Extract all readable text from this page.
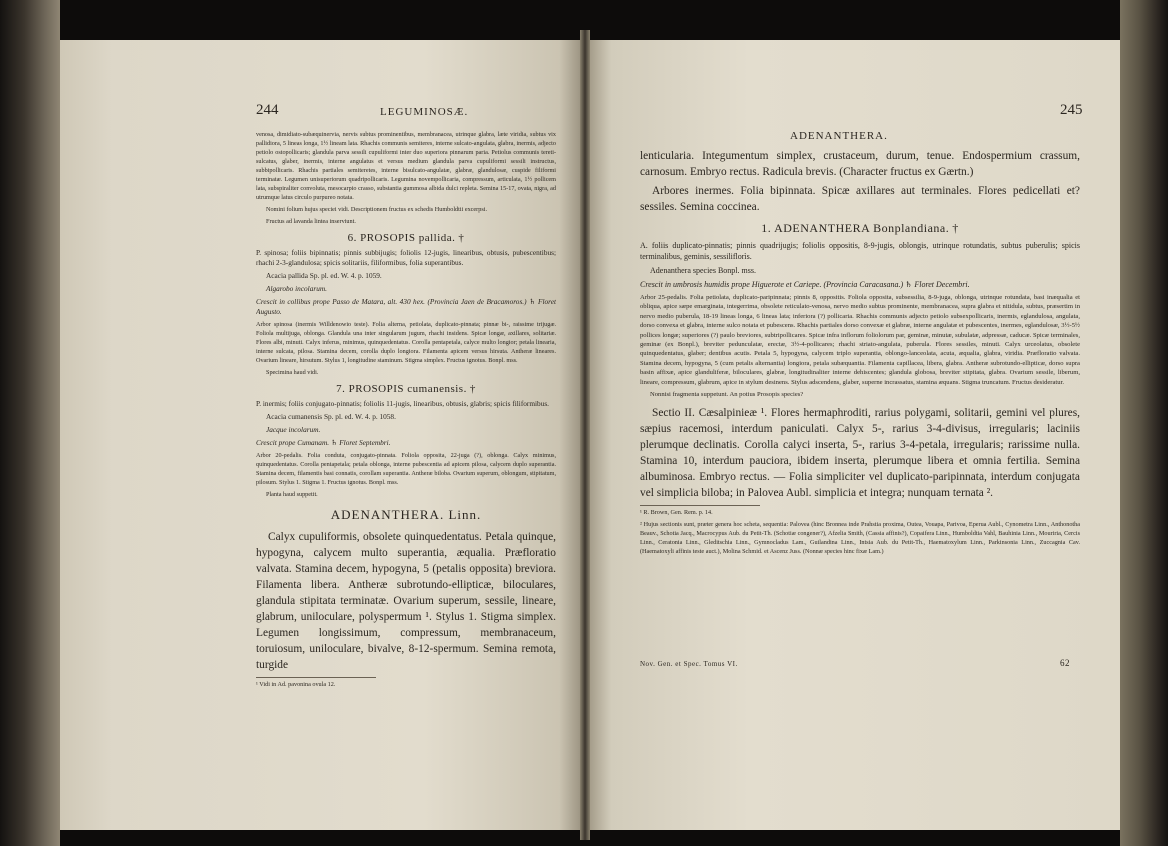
244	LEGUMINOSÆ.

venosa, dimidiato-subæquinervia, nervis subtus prominentibus, membranacea, utrinque glabra, læte viridia, subtus vix pallidiora, 5 lineas longa, 1½ lineam lata. Rhachis communis semiteres, interne sulcato-angulata, glabra, inermis, adjecto petiolo ostopollicaris; glandula parva sessili cupuliformi inter duo superiora pinnarum paria. Petiolus communis tereti-sulcatus, glaber, inermis, interne angulatus et versus medium glandula parva cupuliformi sessili instructus, subbipollicaris. Rhachis partiales semiteretes, interne bisulcato-angulatæ, glabræ, glandulosæ, cuspide filiformi terminatæ. Legumen unisuperiorum quadripollicaris. Legumina novempollicaria, compressum, articulata, 1½ pollicem lata, subspiraliter convoluta, mesocarpio crasso, substantia gummosa albida dulci repleta. Semina 15-17, ovata, nigra, ad utrumque latus circulo purpureo notata.

Nomini folium hujus speciei vidi. Descriptionem fructus ex schedis Humboldtii excerpsi.

Fructus ad lavanda lintea inserviunt.

6. PROSOPIS pallida. †

P. spinosa; foliis bipinnatis; pinnis subbijugis; foliolis 12-jugis, linearibus, obtusis, pubescentibus; rhachi 2-3-glandulosa; spicis solitariis, filiformibus, folia superantibus.

Acacia pallida Sp. pl. ed. W. 4. p. 1059.

Algarobo incolarum.

Crescit in collibus prope Passo de Matara, alt. 430 hex. (Provincia Jaen de Bracamoros.) ♄ Floret Augusto.

Arbor spinosa (inermis Willdenowio teste). Folia alterna, petiolata, duplicato-pinnata; pinnæ bi-, raissime trijugæ. Foliola multijuga, oblonga. Glandula una inter singularum jugum, rhachi insidens. Spicæ longæ, axillares, solitariæ. Flores albi, minuti. Calyx inferus, minimus, quinquedentatus. Corolla pentapetala, calyce multo longior; petala linearia, interne sulcata, pilosa. Stamina decem, corolla duplo longiora. Filamenta apicem versus hirsuta. Antheræ lineares. Ovarium lineare, hirsutum. Stylus 1, longitudine staminum. Stigma simplex. Fructus ignotus. Bonpl. mss.

Specimina haud vidi.

7. PROSOPIS cumanensis. †

P. inermis; foliis conjugato-pinnatis; foliolis 11-jugis, linearibus, obtusis, glabris; spicis filiformibus.

Acacia cumanensis Sp. pl. ed. W. 4. p. 1058.

Jacque incolarum.

Crescit prope Cumanam. ♄ Floret Septembri.

Arbor 20-pedalis. Folia conduta, conjugato-pinnata. Foliola opposita, 22-juga (?), oblonga. Calyx minimus, quinquedentatus. Corolla pentapetala; petala oblonga, interne pubescentia ad apicem pilosa, calycem duplo superantia. Stamina decem, filamentis basi connatis, corollam superantia. Antheræ biloba. Ovarium superum, oblongum, stipitatum, pilosum. Stylus 1. Stigma 1. Fructus ignotus. Bonpl. mss.

Planta haud suppetit.

ADENANTHERA. Linn.

Calyx cupuliformis, obsolete quinquedentatus. Petala quinque, hypogyna, calycem multo superantia, æqualia. Præfloratio valvata. Stamina decem, hypogyna, 5 (petalis opposita) breviora. Filamenta libera. Antheræ subrotundo-ellipticæ, biloculares, glandula stipitata terminatæ. Ovarium superum, sessile, lineare, glabrum, uniloculare, polyspermum ¹. Stylus 1. Stigma simplex. Legumen longissimum, compressum, membranaceum, toruiosum, uniloculare, bivalve, 8-12-spermum. Semina remota, turgide

¹ Vidi in Ad. pavonina ovula 12.

ADENANTHERA.
245

lenticularia. Integumentum simplex, crustaceum, durum, tenue. Endospermium crassum, carnosum. Embryo rectus. Radicula brevis. (Character fructus ex Gærtn.)

Arbores inermes. Folia bipinnata. Spicæ axillares aut terminales. Flores pedicellati et? sessiles. Semina coccinea.

1. ADENANTHERA Bonplandiana. †

A. foliis duplicato-pinnatis; pinnis quadrijugis; foliolis oppositis, 8-9-jugis, oblongis, utrinque rotundatis, subtus puberulis; spicis terminalibus, geminis, sessiliflorìs.

Adenanthera species Bonpl. mss.

Crescit in umbrosis humidis prope Higuerote et Cariepe. (Provincia Caracasana.) ♄ Floret Decembri.

Arbor 25-pedalis. Folia petiolata, duplicato-paripinnata; pinnis 8, oppositis. Foliola opposita, subsessilia, 8-9-juga, oblonga, utrinque rotundata, basi inæqualia et obliqua, apice sæpe emarginata, integerrima, obsolete reticulato-venosa, nervo medio subtus prominente, membranacea, supra glabra et nitidula, subtus, præsertim in nervo medio puberula, 18-19 lineas longa, 6 lineas lata; inferiora (?) pollicaria. Rhachis communis adjecto petiolo subsexpollicaris, inermis, eglandulosa, angulata, dorso convexa et glabra, interne sulco notata et pubescens. Rhachis partiales dorso convexæ et glabræ, interne angulatæ et pubescentes, inermes, eglandulosæ, 3½-5½ pollices longæ; superiores (?) paulo breviores, subtripollicares. Spicæ infra inflorum foliolorum par, geminæ, minutæ, subulatæ, adpressæ, caducæ. Spicæ terminales, geminæ (ex Bonpl.), breviter pedunculatæ, erectæ, 3½-4-pollicares; rhachi striato-angulata, puberula. Flores sessiles, minuti. Calyx urceolatus, obsolete quinquedentatus, glaber; dentibus acutis. Petala 5, hypogyna, calycem triplo superantia, oblongo-lanceolata, acuta, æqualia, glabra, viridia. Præfloratio valvata. Stamina decem, hypogyna, 5 (cum petalis alternantia) longiora, petala subæquantia. Filamenta capillacea, libera, glabra. Antheræ subrotundo-ellipticæ, dorso supra basin affixæ, apice glanduliferæ, biloculares, glabræ, longitudinaliter interne dehiscentes; glandula globosa, breviter stipitata, glabra. Ovarium sessile, liberum, lineare, compressum, glabrum, apice in stylum desinens. Stylus adscendens, glaber, superne incrassatus, stamina æquans. Stigma truncatum. Fructus desideratur.

Nonnisi fragmenta suppetunt. An potius Prosopis species?

Sectio II. Cæsalpinieæ ¹. Flores hermaphroditi, rarius polygami, solitarii, gemini vel plures, sæpius racemosi, interdum paniculati. Calyx 5-, rarius 3-4-divisus, irregularis; laciniis plerumque declinatis. Corolla calyci inserta, 5-, rarius 3-4-petala, irregularis; rarissime nulla. Stamina 10, interdum pauciora, ibidem inserta, plerumque libera et omnia fertilia. Semina albuminosa. Embryo rectus. — Folia simpliciter vel duplicato-paripinnata, interdum conjugata vel simplicia biloba; in Palovea Aubl. simplicia et integra; nunquam ternata ².

¹ R. Brown, Gen. Rem. p. 14.

² Hujus sectionis sunt, præter genera hoc scheta, sequentia: Palovea (hinc Bronnea inde Prahstia proxima, Outea, Vouapa, Parivoa, Eperua Aubl., Cynometra Linn., Anthonotha Beauv., Schotia Jacq., Macrocypus Aub. du Petit-Th. (Schotiæ congener?), Afzelia Smith, (Cassia affinis?), Copaifera Linn., Humboldtia Vahl, Bauhinia Linn., Mouriria, Cercis Linn., Ceratonia Linn., Gleditschia Linn., Gymnocladus Lam., Guilandina Linn., Intsia Aub. du Petit-Th., Haematoxylum Linn., Parkinsonia Linn., Zuccagnia Cav. (Haematoxyli affinis teste auct.), Molina Schmid. et Ascenz Juss. (Nonnæ species hinc fixæ Lam.)

Nov. Gen. et Spec. Tomus VI.	62
